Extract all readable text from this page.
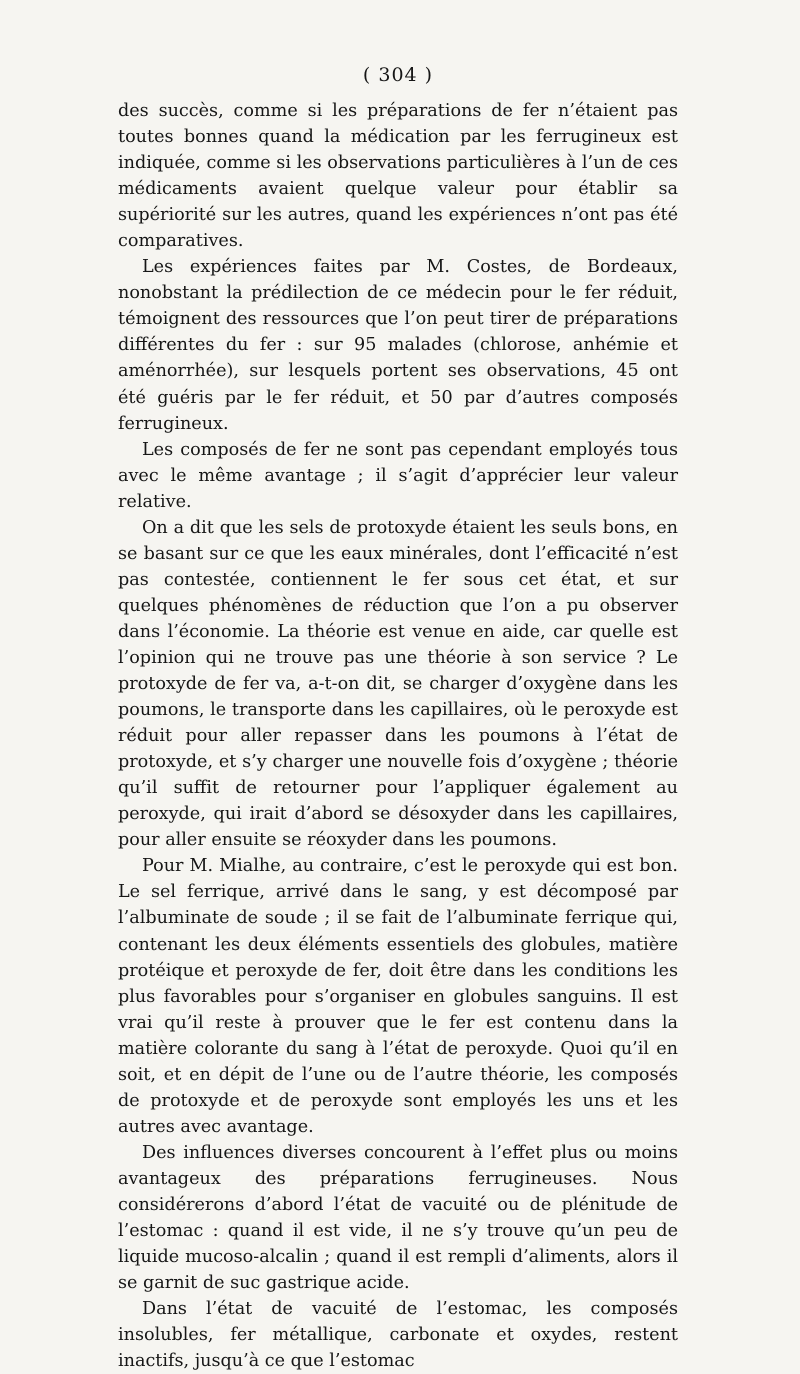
( 304 )

des succès, comme si les préparations de fer n’étaient pas toutes bonnes quand la médication par les ferrugineux est indiquée, comme si les observations particulières à l’un de ces médicaments avaient quelque valeur pour établir sa supériorité sur les autres, quand les expériences n’ont pas été comparatives.

Les expériences faites par M. Costes, de Bordeaux, nonobstant la prédilection de ce médecin pour le fer réduit, témoignent des ressources que l’on peut tirer de préparations différentes du fer : sur 95 malades (chlorose, anhémie et aménorrhée), sur lesquels portent ses observations, 45 ont été guéris par le fer réduit, et 50 par d’autres composés ferrugineux.

Les composés de fer ne sont pas cependant employés tous avec le même avantage ; il s’agit d’apprécier leur valeur relative.

On a dit que les sels de protoxyde étaient les seuls bons, en se basant sur ce que les eaux minérales, dont l’efficacité n’est pas contestée, contiennent le fer sous cet état, et sur quelques phénomènes de réduction que l’on a pu observer dans l’économie. La théorie est venue en aide, car quelle est l’opinion qui ne trouve pas une théorie à son service ? Le protoxyde de fer va, a-t-on dit, se charger d’oxygène dans les poumons, le transporte dans les capillaires, où le peroxyde est réduit pour aller repasser dans les poumons à l’état de protoxyde, et s’y charger une nouvelle fois d’oxygène ; théorie qu’il suffit de retourner pour l’appliquer également au peroxyde, qui irait d’abord se désoxyder dans les capillaires, pour aller ensuite se réoxyder dans les poumons.

Pour M. Mialhe, au contraire, c’est le peroxyde qui est bon. Le sel ferrique, arrivé dans le sang, y est décomposé par l’albuminate de soude ; il se fait de l’albuminate ferrique qui, contenant les deux éléments essentiels des globules, matière protéique et peroxyde de fer, doit être dans les conditions les plus favorables pour s’organiser en globules sanguins. Il est vrai qu’il reste à prouver que le fer est contenu dans la matière colorante du sang à l’état de peroxyde. Quoi qu’il en soit, et en dépit de l’une ou de l’autre théorie, les composés de protoxyde et de peroxyde sont employés les uns et les autres avec avantage.

Des influences diverses concourent à l’effet plus ou moins avantageux des préparations ferrugineuses. Nous considérerons d’abord l’état de vacuité ou de plénitude de l’estomac : quand il est vide, il ne s’y trouve qu’un peu de liquide mucoso-alcalin ; quand il est rempli d’aliments, alors il se garnit de suc gastrique acide.

Dans l’état de vacuité de l’estomac, les composés insolubles, fer métallique, carbonate et oxydes, restent inactifs, jusqu’à ce que l’estomac
